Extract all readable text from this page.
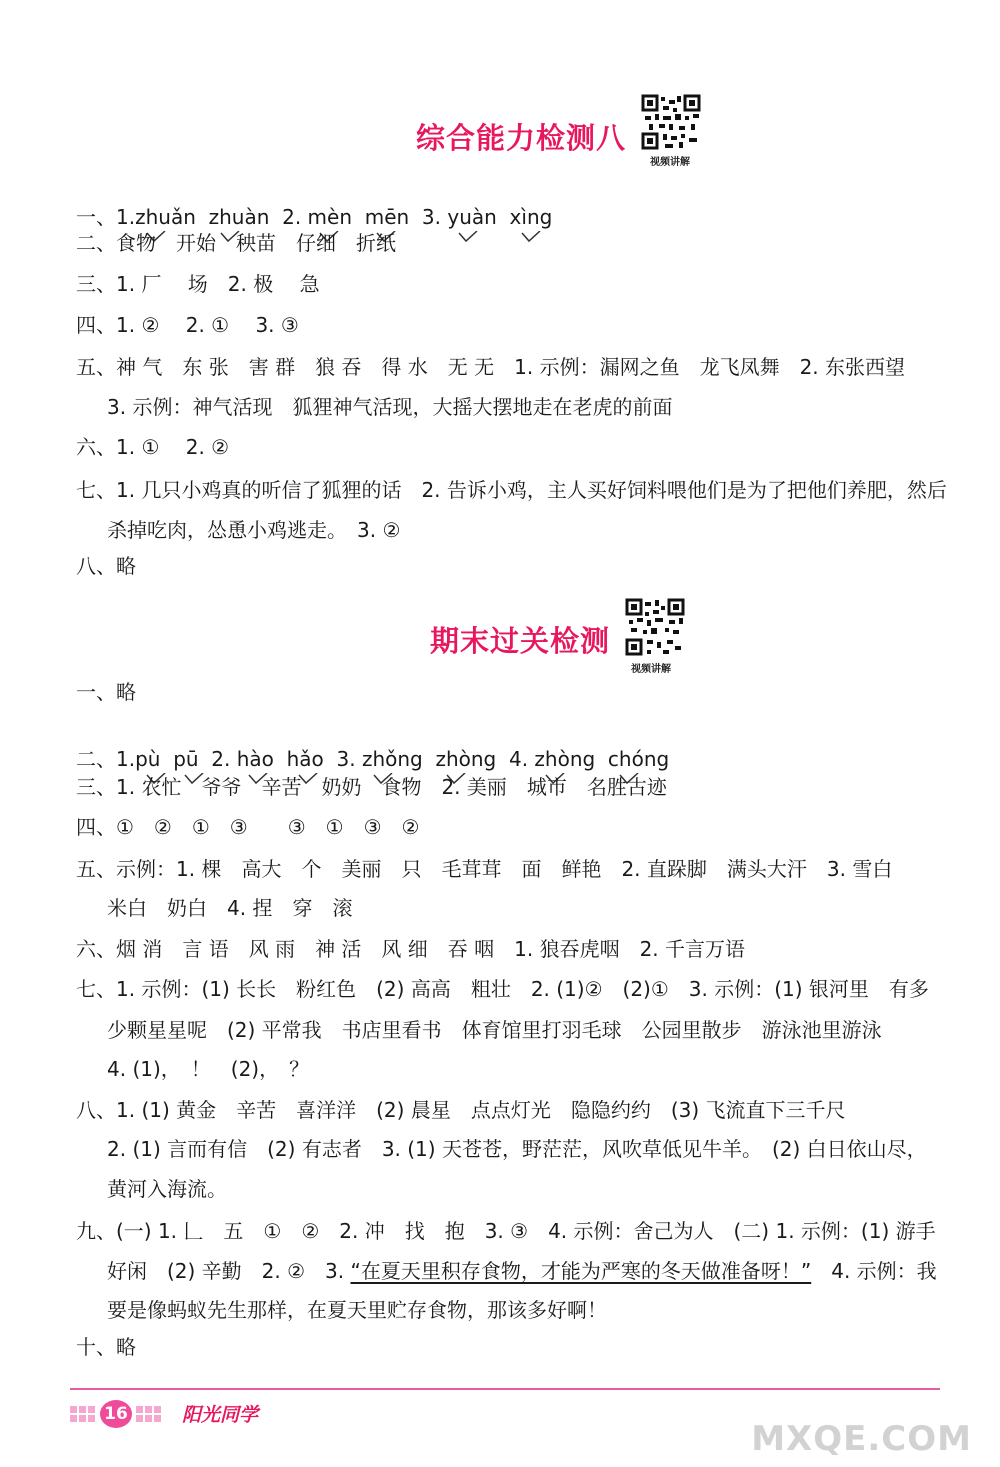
综合能力检测八
视频讲解

一、1.zhuǎn zhuàn 2. mèn mēn 3. yuàn xìng

二、食物　开始　秧苗　仔细　折纸
三、1. 厂　 场　2. 极　 急
四、1. ②　 2. ①　 3. ③
五、神 气　东 张　害 群　狼 吞　得 水　无 无　1. 示例：漏网之鱼　龙飞凤舞　2. 东张西望
3. 示例：神气活现　狐狸神气活现，大摇大摆地走在老虎的前面
六、1. ①　 2. ②
七、1. 几只小鸡真的听信了狐狸的话　2. 告诉小鸡，主人买好饲料喂他们是为了把他们养肥，然后
杀掉吃肉，怂恿小鸡逃走。　3. ②
八、略
期末过关检测
视频讲解
一、略

二、1.pù pū 2. hào hǎo 3. zhǒng zhòng 4. zhòng chóng

三、1. 农忙　爷爷　辛苦　奶奶　食物　2. 美丽　城市　名胜古迹
四、①　②　①　③　　③　①　③　②
五、示例：1. 棵　高大　个　美丽　只　毛茸茸　面　鲜艳　2. 直跺脚　满头大汗　3. 雪白
米白　奶白　4. 捏　穿　滚
六、烟 消　言 语　风 雨　神 活　风 细　吞 咽　1. 狼吞虎咽　2. 千言万语
七、1. 示例：(1) 长长　粉红色　(2) 高高　粗壮　2. (1)②　(2)①　3. 示例：(1) 银河里　有多
少颗星星呢　(2) 平常我　书店里看书　体育馆里打羽毛球　公园里散步　游泳池里游泳
4. (1)，　！　(2)，　？
八、1. (1) 黄金　辛苦　喜洋洋　(2) 晨星　点点灯光　隐隐约约　(3) 飞流直下三千尺
2. (1) 言而有信　(2) 有志者　3. (1) 天苍苍，野茫茫，风吹草低见牛羊。　(2) 白日依山尽，
黄河入海流。
九、(一) 1. 𠃊　五　①　②　2. 冲　找　抱　3. ③　4. 示例：舍己为人　(二) 1. 示例：(1) 游手
好闲　(2) 辛勤　2. ②　3. “在夏天里积存食物，才能为严寒的冬天做准备呀！”　4. 示例：我
要是像蚂蚁先生那样，在夏天里贮存食物，那该多好啊！
十、略
16	阳光同学
MXQE.COM
